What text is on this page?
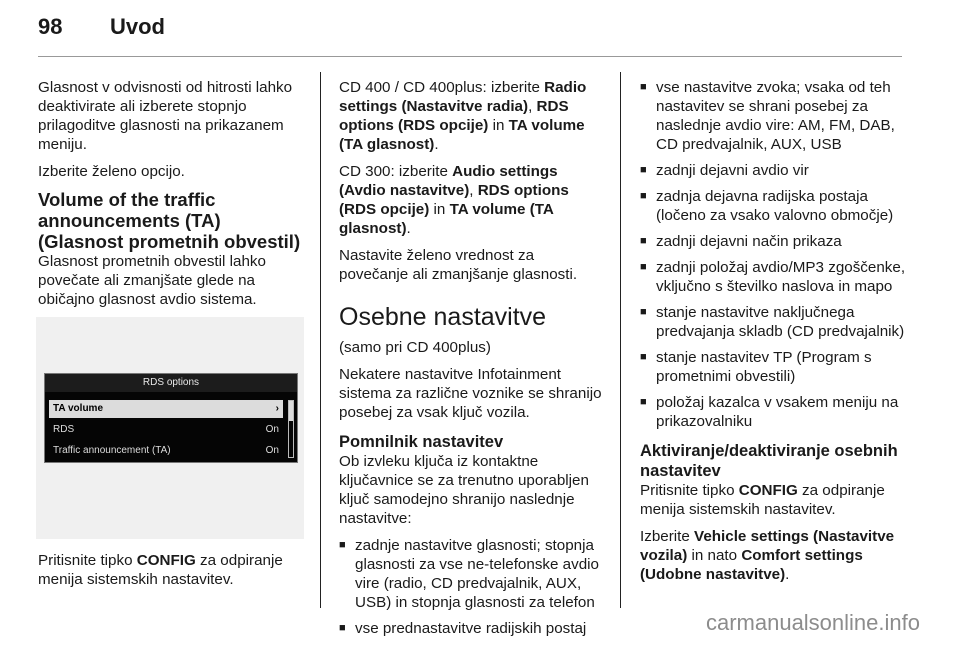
98	Uvod

Glasnost v odvisnosti od hitrosti lahko deaktivirate ali izberete stopnjo prilagoditve glasnosti na prikazanem meniju.

Izberite želeno opcijo.

Volume of the traffic announcements (TA) (Glasnost prometnih obvestil)

Glasnost prometnih obvestil lahko povečate ali zmanjšate glede na običajno glasnost avdio sistema.

RDS options
TA volume	›
RDS	On
Traffic announcement (TA)	On

Pritisnite tipko CONFIG za odpiranje menija sistemskih nastavitev.

CD 400 / CD 400plus: izberite Radio settings (Nastavitve radia), RDS options (RDS opcije) in TA volume (TA glasnost).

CD 300: izberite Audio settings (Avdio nastavitve), RDS options (RDS opcije) in TA volume (TA glasnost).

Nastavite želeno vrednost za povečanje ali zmanjšanje glasnosti.

Osebne nastavitve

(samo pri CD 400plus)

Nekatere nastavitve Infotainment sistema za različne voznike se shranijo posebej za vsak ključ vozila.

Pomnilnik nastavitev

Ob izvleku ključa iz kontaktne ključavnice se za trenutno uporabljen ključ samodejno shranijo naslednje nastavitve:

■ zadnje nastavitve glasnosti; stopnja glasnosti za vse ne-telefonske avdio vire (radio, CD predvajalnik, AUX, USB) in stopnja glasnosti za telefon
■ vse prednastavitve radijskih postaj
■ vse nastavitve zvoka; vsaka od teh nastavitev se shrani posebej za naslednje avdio vire: AM, FM, DAB, CD predvajalnik, AUX, USB
■ zadnji dejavni avdio vir
■ zadnja dejavna radijska postaja (ločeno za vsako valovno območje)
■ zadnji dejavni način prikaza
■ zadnji položaj avdio/MP3 zgoščenke, vključno s številko naslova in mapo
■ stanje nastavitve naključnega predvajanja skladb (CD predvajalnik)
■ stanje nastavitev TP (Program s prometnimi obvestili)
■ položaj kazalca v vsakem meniju na prikazovalniku
Aktiviranje/deaktiviranje osebnih nastavitev

Pritisnite tipko CONFIG za odpiranje menija sistemskih nastavitev.

Izberite Vehicle settings (Nastavitve vozila) in nato Comfort settings (Udobne nastavitve).

carmanualsonline.info
